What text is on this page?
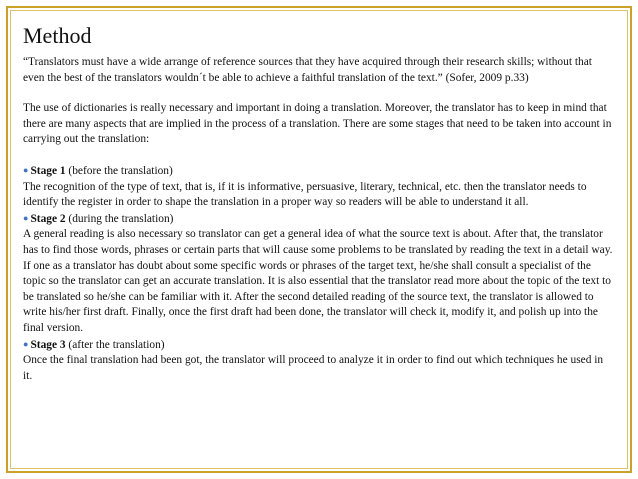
Method

“Translators must have a wide arrange of reference sources that they have acquired through their research skills; without that even the best of the translators wouldn´t be able to achieve a faithful translation of the text.” (Sofer, 2009 p.33)

The use of dictionaries is really necessary and important in doing a translation. Moreover, the translator has to keep in mind that there are many aspects that are implied in the process of a translation. There are some stages that need to be taken into account in carrying out the translation:

● Stage 1 (before the translation)

The recognition of the type of text, that is, if it is informative, persuasive, literary, technical, etc. then the translator needs to identify the register in order to shape the translation in a proper way so readers will be able to understand it all.

● Stage 2 (during the translation)

A general reading is also necessary so translator can get a general idea of what the source text is about. After that, the translator has to find those words, phrases or certain parts that will cause some problems to be translated by reading the text in a detail way. If one as a translator has doubt about some specific words or phrases of the target text, he/she shall consult a specialist of the topic so the translator can get an accurate translation. It is also essential that the translator read more about the topic of the text to be translated so he/she can be familiar with it. After the second detailed reading of the source text, the translator is allowed to write his/her first draft. Finally, once the first draft had been done, the translator will check it, modify it, and polish up into the final version.

● Stage 3 (after the translation)

Once the final translation had been got, the translator will proceed to analyze it in order to find out which techniques he used in it.
